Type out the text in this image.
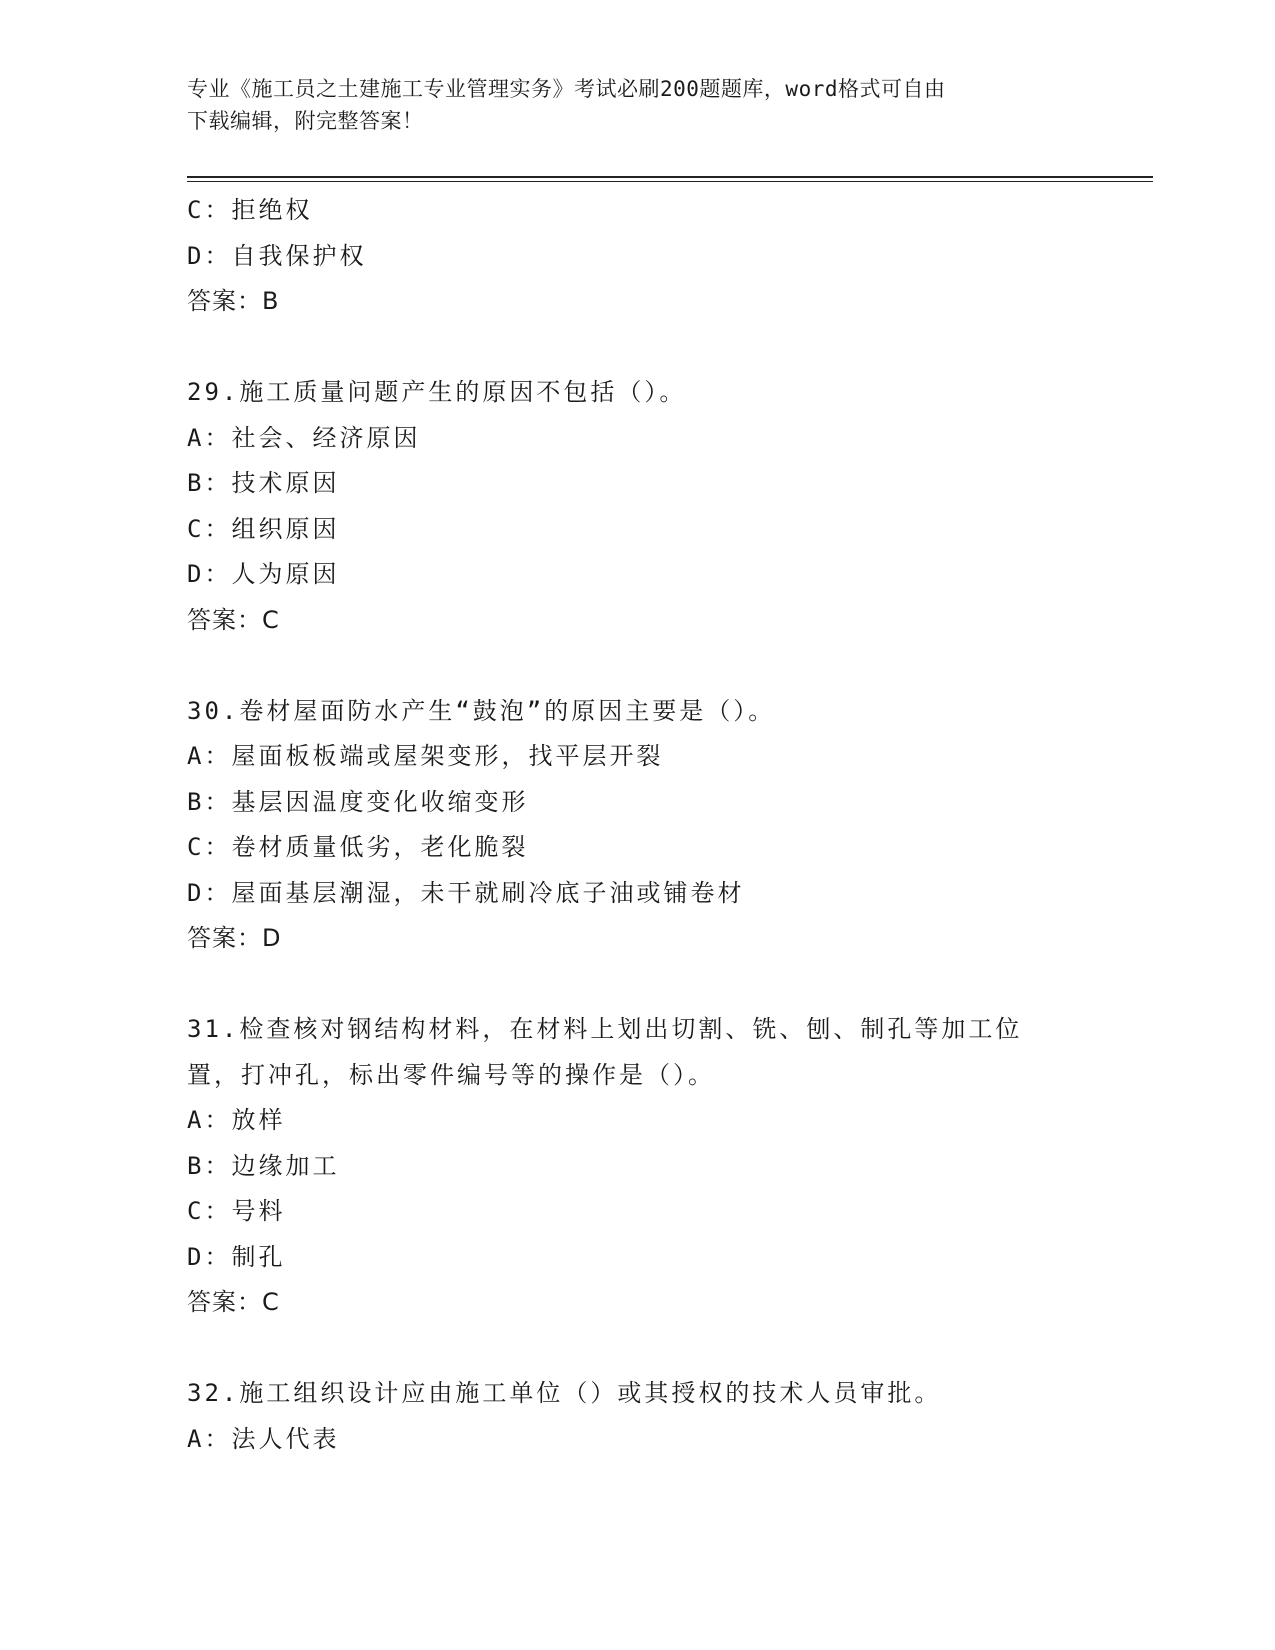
专业《施工员之土建施工专业管理实务》考试必刷200题题库，word格式可自由
下载编辑，附完整答案！
C：拒绝权
D：自我保护权
答案：B
29.施工质量问题产生的原因不包括（）。
A：社会、经济原因
B：技术原因
C：组织原因
D：人为原因
答案：C
30.卷材屋面防水产生“鼓泡”的原因主要是（）。
A：屋面板板端或屋架变形，找平层开裂
B：基层因温度变化收缩变形
C：卷材质量低劣，老化脆裂
D：屋面基层潮湿，未干就刷冷底子油或铺卷材
答案：D
31.检查核对钢结构材料，在材料上划出切割、铣、刨、制孔等加工位
置，打冲孔，标出零件编号等的操作是（）。
A：放样
B：边缘加工
C：号料
D：制孔
答案：C
32.施工组织设计应由施工单位（）或其授权的技术人员审批。
A：法人代表
